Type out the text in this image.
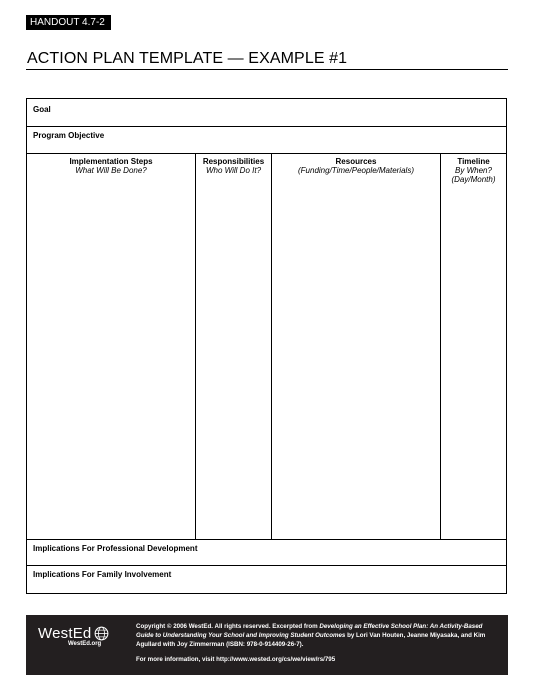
HANDOUT 4.7-2
ACTION PLAN TEMPLATE — EXAMPLE #1
Goal
Program Objective
Implementation Steps
What Will Be Done?
Responsibilities
Who Will Do It?
Resources
(Funding/Time/People/Materials)
Timeline
By When?
(Day/Month)
Implications For Professional Development
Implications For Family Involvement
WestEd
WestEd.org
Copyright © 2006 WestEd. All rights reserved. Excerpted from Developing an Effective School Plan: An Activity-Based Guide to Understanding Your School and Improving Student Outcomes by Lori Van Houten, Jeanne Miyasaka, and Kim Agullard with Joy Zimmerman (ISBN: 978-0-914409-26-7).
For more information, visit http://www.wested.org/cs/we/view/rs/795
